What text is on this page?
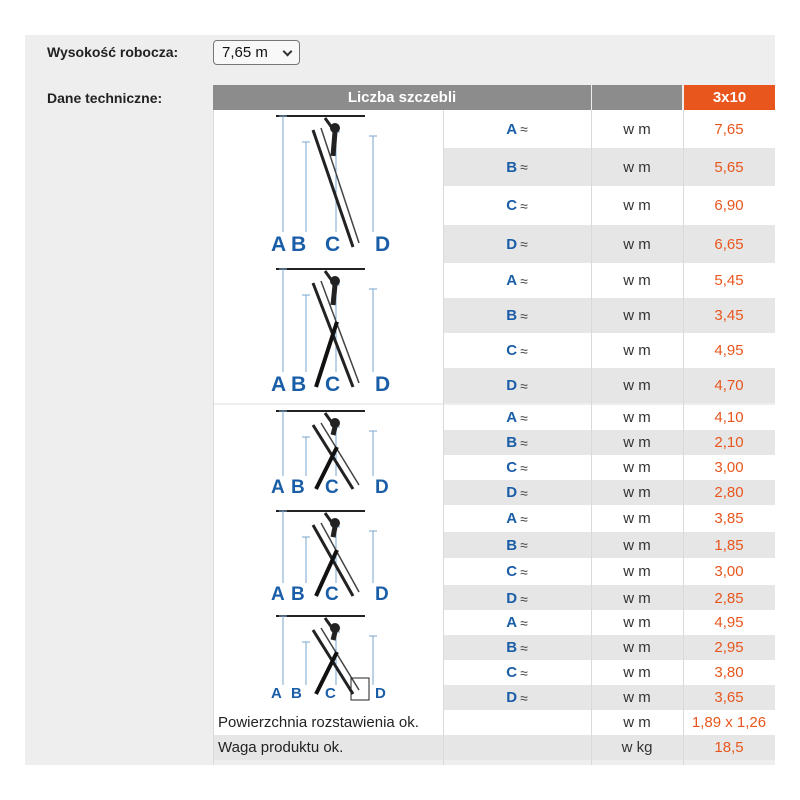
Wysokość robocza:	7,65 m
Dane techniczne:	Liczba szczebli	3x10
A B C D
A ≈	w m	7,65
B ≈	w m	5,65
C ≈	w m	6,90
D ≈	w m	6,65
A B C D
A ≈	w m	5,45
B ≈	w m	3,45
C ≈	w m	4,95
D ≈	w m	4,70
A B C D
A ≈	w m	4,10
B ≈	w m	2,10
C ≈	w m	3,00
D ≈	w m	2,80
A B C D
A ≈	w m	3,85
B ≈	w m	1,85
C ≈	w m	3,00
D ≈	w m	2,85
A B C	D
A ≈	w m	4,95
B ≈	w m	2,95
C ≈	w m	3,80
D ≈	w m	3,65
Powierzchnia rozstawienia ok.	w m	1,89 x 1,26
Waga produktu ok.	w kg	18,5
